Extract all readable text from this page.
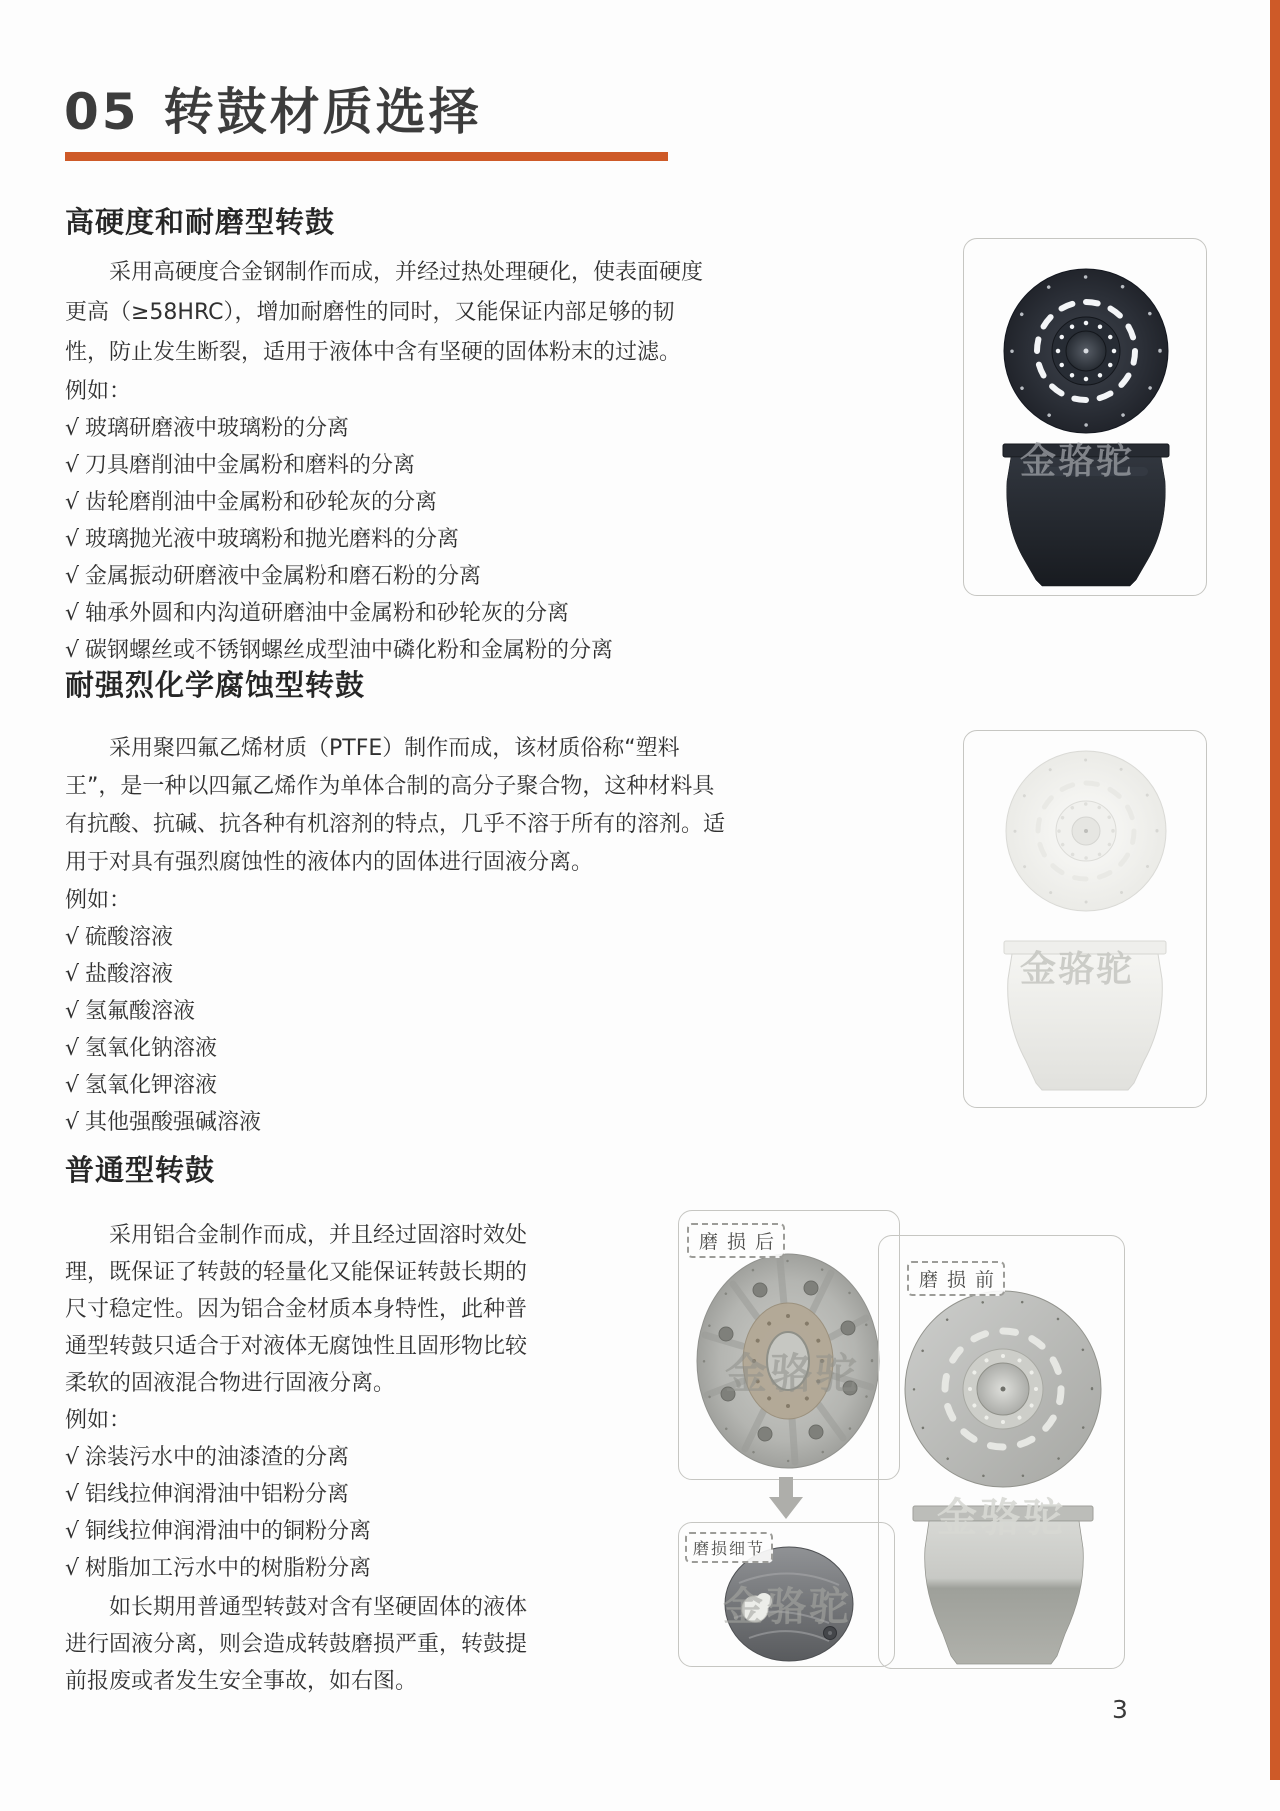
05 转鼓材质选择
高硬度和耐磨型转鼓

采用高硬度合金钢制作而成，并经过热处理硬化，使表面硬度更高（≥58HRC），增加耐磨性的同时，又能保证内部足够的韧性，防止发生断裂，适用于液体中含有坚硬的固体粉末的过滤。

例如：
√ 玻璃研磨液中玻璃粉的分离
√ 刀具磨削油中金属粉和磨料的分离
√ 齿轮磨削油中金属粉和砂轮灰的分离
√ 玻璃抛光液中玻璃粉和抛光磨料的分离
√ 金属振动研磨液中金属粉和磨石粉的分离
√ 轴承外圆和内沟道研磨油中金属粉和砂轮灰的分离
√ 碳钢螺丝或不锈钢螺丝成型油中磷化粉和金属粉的分离
耐强烈化学腐蚀型转鼓

采用聚四氟乙烯材质（PTFE）制作而成，该材质俗称“塑料王”，是一种以四氟乙烯作为单体合制的高分子聚合物，这种材料具有抗酸、抗碱、抗各种有机溶剂的特点，几乎不溶于所有的溶剂。适用于对具有强烈腐蚀性的液体内的固体进行固液分离。

例如：
√ 硫酸溶液
√ 盐酸溶液
√ 氢氟酸溶液
√ 氢氧化钠溶液
√ 氢氧化钾溶液
√ 其他强酸强碱溶液
普通型转鼓

采用铝合金制作而成，并且经过固溶时效处理，既保证了转鼓的轻量化又能保证转鼓长期的尺寸稳定性。因为铝合金材质本身特性，此种普通型转鼓只适合于对液体无腐蚀性且固形物比较柔软的固液混合物进行固液分离。

例如：
√ 涂装污水中的油漆渣的分离
√ 铝线拉伸润滑油中铝粉分离
√ 铜线拉伸润滑油中的铜粉分离
√ 树脂加工污水中的树脂粉分离

如长期用普通型转鼓对含有坚硬固体的液体进行固液分离，则会造成转鼓磨损严重，转鼓提前报废或者发生安全事故，如右图。

金骆驼
金骆驼
磨损后
金骆驼
磨损前
金骆驼
磨损细节
金骆驼
3
